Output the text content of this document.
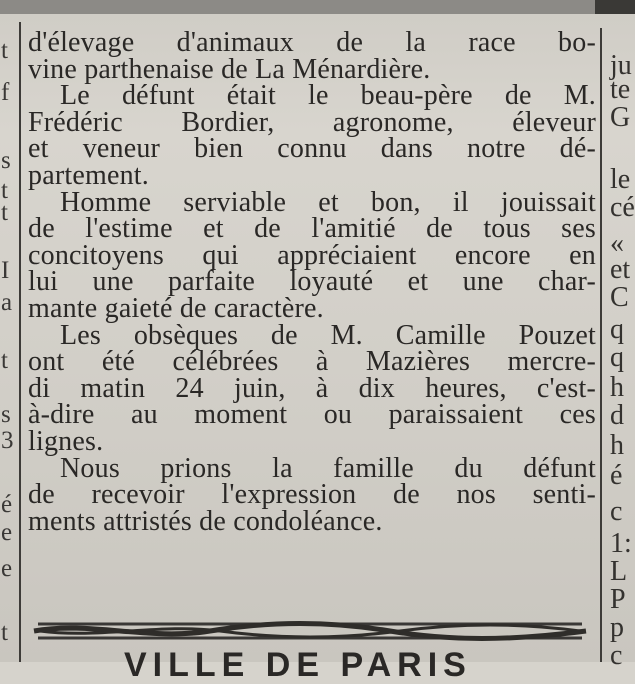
t
f
s
t
t
I
a
t
s
3
é
e
e
t
ju
te
G
le
cé
«
et
C
q
q
h
d
h
é
c
1:
L
P
p
c
d'élevage d'animaux de la race bo-
vine parthenaise de La Ménardière.
Le défunt était le beau-père de M.
Frédéric Bordier, agronome, éleveur
et veneur bien connu dans notre dé-
partement.
Homme serviable et bon, il jouissait
de l'estime et de l'amitié de tous ses
concitoyens qui appréciaient encore en
lui une parfaite loyauté et une char-
mante gaieté de caractère.
Les obsèques de M. Camille Pouzet
ont été célébrées à Mazières mercre-
di matin 24 juin, à dix heures, c'est-
à-dire au moment ou paraissaient ces
lignes.
Nous prions la famille du défunt
de recevoir l'expression de nos senti-
ments attristés de condoléance.
VILLE DE PARIS
